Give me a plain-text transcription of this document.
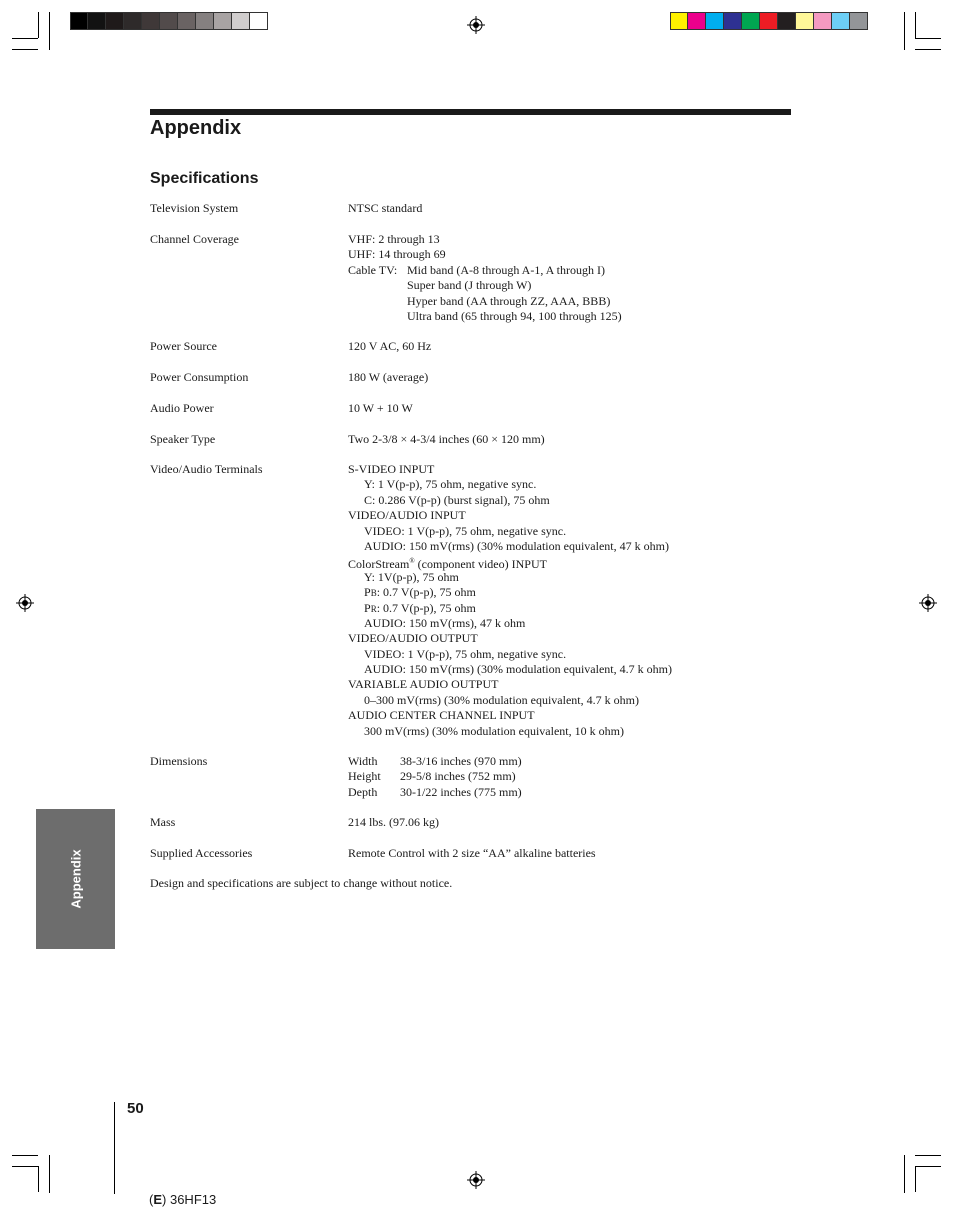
Appendix
Specifications
Television System	NTSC standard
Channel Coverage	VHF: 2 through 13
UHF: 14 through 69
Cable TV: Mid band (A-8 through A-1, A through I)
Super band (J through W)
Hyper band (AA through ZZ, AAA, BBB)
Ultra band (65 through 94, 100 through 125)
Power Source	120 V AC, 60 Hz
Power Consumption	180 W (average)
Audio Power	10 W + 10 W
Speaker Type	Two 2-3/8 × 4-3/4 inches (60 × 120 mm)
Video/Audio Terminals	S-VIDEO INPUT
Y: 1 V(p-p), 75 ohm, negative sync.
C: 0.286 V(p-p) (burst signal), 75 ohm
VIDEO/AUDIO INPUT
VIDEO: 1 V(p-p), 75 ohm, negative sync.
AUDIO: 150 mV(rms) (30% modulation equivalent, 47 k ohm)
ColorStream® (component video) INPUT
Y: 1V(p-p), 75 ohm
PB: 0.7 V(p-p), 75 ohm
PR: 0.7 V(p-p), 75 ohm
AUDIO: 150 mV(rms), 47 k ohm
VIDEO/AUDIO OUTPUT
VIDEO: 1 V(p-p), 75 ohm, negative sync.
AUDIO: 150 mV(rms) (30% modulation equivalent, 4.7 k ohm)
VARIABLE AUDIO OUTPUT
0–300 mV(rms) (30% modulation equivalent, 4.7 k ohm)
AUDIO CENTER CHANNEL INPUT
300 mV(rms) (30% modulation equivalent, 10 k ohm)
Dimensions	Width 38-3/16 inches (970 mm)
Height 29-5/8 inches (752 mm)
Depth 30-1/22 inches (775 mm)
Mass	214 lbs. (97.06 kg)
Supplied Accessories	Remote Control with 2 size “AA” alkaline batteries
Design and specifications are subject to change without notice.
Appendix
50
(E) 36HF13
